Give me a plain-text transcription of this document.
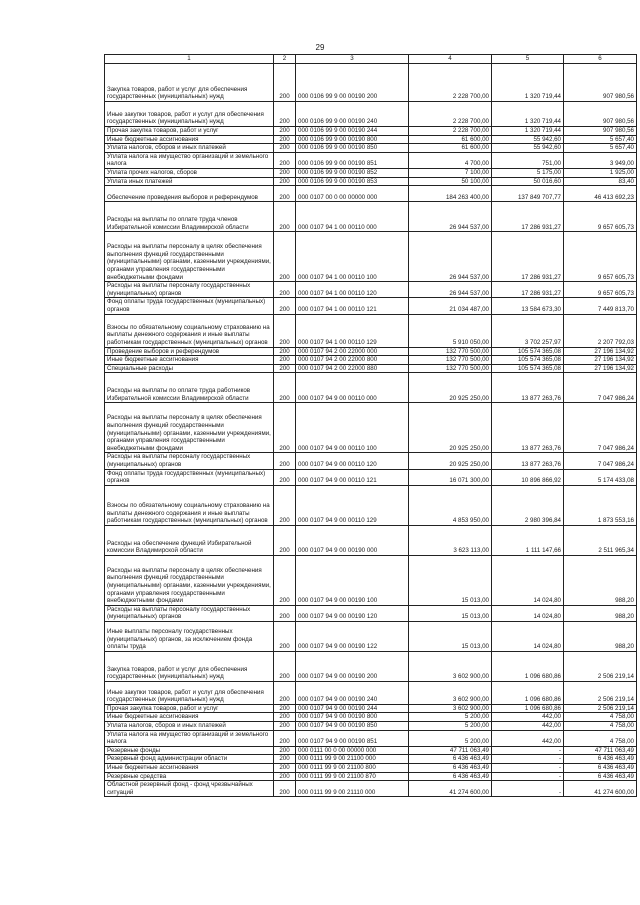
29
1	2	3	4	5	6
Закупка товаров, работ и услуг для обеспечения государственных (муниципальных) нужд	200	000 0106 99 9 00 00190 200	2 228 700,00	1 320 719,44	907 980,56
Иные закупки товаров, работ и услуг для обеспечения государственных (муниципальных) нужд	200	000 0106 99 9 00 00190 240	2 228 700,00	1 320 719,44	907 980,56
Прочая закупка товаров, работ и услуг	200	000 0106 99 9 00 00190 244	2 228 700,00	1 320 719,44	907 980,56
Иные бюджетные ассигнования	200	000 0106 99 9 00 00190 800	61 600,00	55 942,60	5 657,40
Уплата налогов, сборов и иных платежей	200	000 0106 99 9 00 00190 850	61 600,00	55 942,60	5 657,40
Уплата налога на имущество организаций и земельного налога	200	000 0106 99 9 00 00190 851	4 700,00	751,00	3 949,00
Уплата прочих налогов, сборов	200	000 0106 99 9 00 00190 852	7 100,00	5 175,00	1 925,00
Уплата иных платежей	200	000 0106 99 9 00 00190 853	50 100,00	50 016,60	83,40
Обеспечение проведения выборов и референдумов	200	000 0107 00 0 00 00000 000	184 263 400,00	137 849 707,77	46 413 692,23
Расходы на выплаты по оплате труда членов Избирательной комиссии Владимирской области	200	000 0107 94 1 00 00110 000	26 944 537,00	17 286 931,27	9 657 605,73
Расходы на выплаты персоналу в целях обеспечения выполнения функций государственными (муниципальными) органами, казенными учреждениями, органами управления государственными внебюджетными фондами	200	000 0107 94 1 00 00110 100	26 944 537,00	17 286 931,27	9 657 605,73
Расходы на выплаты персоналу государственных (муниципальных) органов	200	000 0107 94 1 00 00110 120	26 944 537,00	17 286 931,27	9 657 605,73
Фонд оплаты труда государственных (муниципальных) органов	200	000 0107 94 1 00 00110 121	21 034 487,00	13 584 673,30	7 449 813,70
Взносы по обязательному социальному страхованию на выплаты денежного содержания и иные выплаты работникам государственных (муниципальных) органов	200	000 0107 94 1 00 00110 129	5 910 050,00	3 702 257,97	2 207 792,03
Проведение выборов и референдумов	200	000 0107 94 2 00 22000 000	132 770 500,00	105 574 365,08	27 196 134,92
Иные бюджетные ассигнования	200	000 0107 94 2 00 22000 800	132 770 500,00	105 574 365,08	27 196 134,92
Специальные расходы	200	000 0107 94 2 00 22000 880	132 770 500,00	105 574 365,08	27 196 134,92
Расходы на выплаты по оплате труда работников Избирательной комиссии Владимирской области	200	000 0107 94 9 00 00110 000	20 925 250,00	13 877 263,76	7 047 986,24
Расходы на выплаты персоналу в целях обеспечения выполнения функций государственными (муниципальными) органами, казенными учреждениями, органами управления государственными внебюджетными фондами	200	000 0107 94 9 00 00110 100	20 925 250,00	13 877 263,76	7 047 986,24
Расходы на выплаты персоналу государственных (муниципальных) органов	200	000 0107 94 9 00 00110 120	20 925 250,00	13 877 263,76	7 047 986,24
Фонд оплаты труда государственных (муниципальных) органов	200	000 0107 94 9 00 00110 121	16 071 300,00	10 896 866,92	5 174 433,08
Взносы по обязательному социальному страхованию на выплаты денежного содержания и иные выплаты работникам государственных (муниципальных) органов	200	000 0107 94 9 00 00110 129	4 853 950,00	2 980 396,84	1 873 553,16
Расходы на обеспечение функций Избирательной комиссии Владимирской области	200	000 0107 94 9 00 00190 000	3 623 113,00	1 111 147,66	2 511 965,34
Расходы на выплаты персоналу в целях обеспечения выполнения функций государственными (муниципальными) органами, казенными учреждениями, органами управления государственными внебюджетными фондами	200	000 0107 94 9 00 00190 100	15 013,00	14 024,80	988,20
Расходы на выплаты персоналу государственных (муниципальных) органов	200	000 0107 94 9 00 00190 120	15 013,00	14 024,80	988,20
Иные выплаты персоналу государственных (муниципальных) органов, за исключением фонда оплаты труда	200	000 0107 94 9 00 00190 122	15 013,00	14 024,80	988,20
Закупка товаров, работ и услуг для обеспечения государственных (муниципальных) нужд	200	000 0107 94 9 00 00190 200	3 602 900,00	1 096 680,86	2 506 219,14
Иные закупки товаров, работ и услуг для обеспечения государственных (муниципальных) нужд	200	000 0107 94 9 00 00190 240	3 602 900,00	1 096 680,86	2 506 219,14
Прочая закупка товаров, работ и услуг	200	000 0107 94 9 00 00190 244	3 602 900,00	1 096 680,86	2 506 219,14
Иные бюджетные ассигнования	200	000 0107 94 9 00 00190 800	5 200,00	442,00	4 758,00
Уплата налогов, сборов и иных платежей	200	000 0107 94 9 00 00190 850	5 200,00	442,00	4 758,00
Уплата налога на имущество организаций и земельного налога	200	000 0107 94 9 00 00190 851	5 200,00	442,00	4 758,00
Резервные фонды	200	000 0111 00 0 00 00000 000	47 711 063,49	-	47 711 063,49
Резервный фонд администрации области	200	000 0111 99 9 00 21100 000	6 436 463,49	-	6 436 463,49
Иные бюджетные ассигнования	200	000 0111 99 9 00 21100 800	6 436 463,49	-	6 436 463,49
Резервные средства	200	000 0111 99 9 00 21100 870	6 436 463,49	-	6 436 463,49
Областной резервный фонд - фонд чрезвычайных ситуаций	200	000 0111 99 9 00 21110 000	41 274 600,00	-	41 274 600,00
